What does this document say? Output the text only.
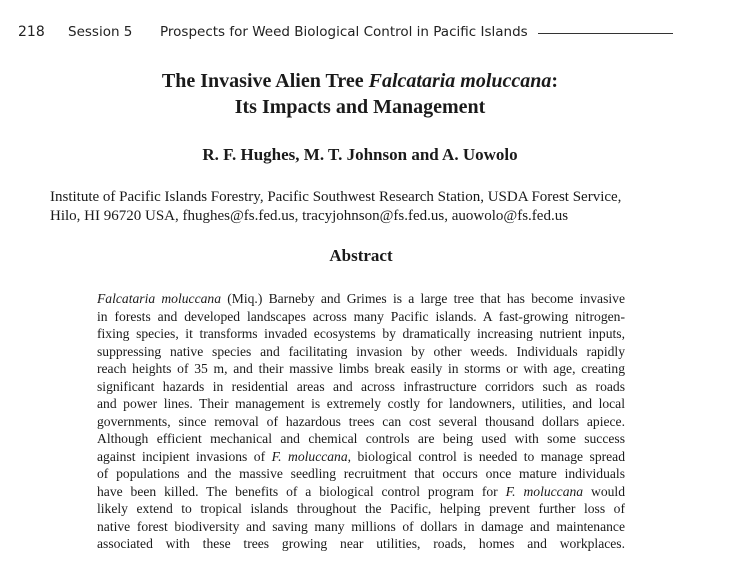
218 Session 5 Prospects for Weed Biological Control in Pacific Islands
The Invasive Alien Tree Falcataria moluccana:
Its Impacts and Management
R. F. Hughes, M. T. Johnson and A. Uowolo
Institute of Pacific Islands Forestry, Pacific Southwest Research Station, USDA Forest Service,
Hilo, HI 96720 USA, fhughes@fs.fed.us, tracyjohnson@fs.fed.us, auowolo@fs.fed.us
Abstract
Falcataria moluccana (Miq.) Barneby and Grimes is a large tree that has become invasive
in forests and developed landscapes across many Pacific islands. A fast-growing nitrogen-
fixing species, it transforms invaded ecosystems by dramatically increasing nutrient inputs,
suppressing native species and facilitating invasion by other weeds. Individuals rapidly
reach heights of 35 m, and their massive limbs break easily in storms or with age, creating
significant hazards in residential areas and across infrastructure corridors such as roads
and power lines. Their management is extremely costly for landowners, utilities, and local
governments, since removal of hazardous trees can cost several thousand dollars apiece.
Although efficient mechanical and chemical controls are being used with some success
against incipient invasions of F. moluccana, biological control is needed to manage spread
of populations and the massive seedling recruitment that occurs once mature individuals
have been killed. The benefits of a biological control program for F. moluccana would
likely extend to tropical islands throughout the Pacific, helping prevent further loss of
native forest biodiversity and saving many millions of dollars in damage and maintenance
associated with these trees growing near utilities, roads, homes and workplaces.
